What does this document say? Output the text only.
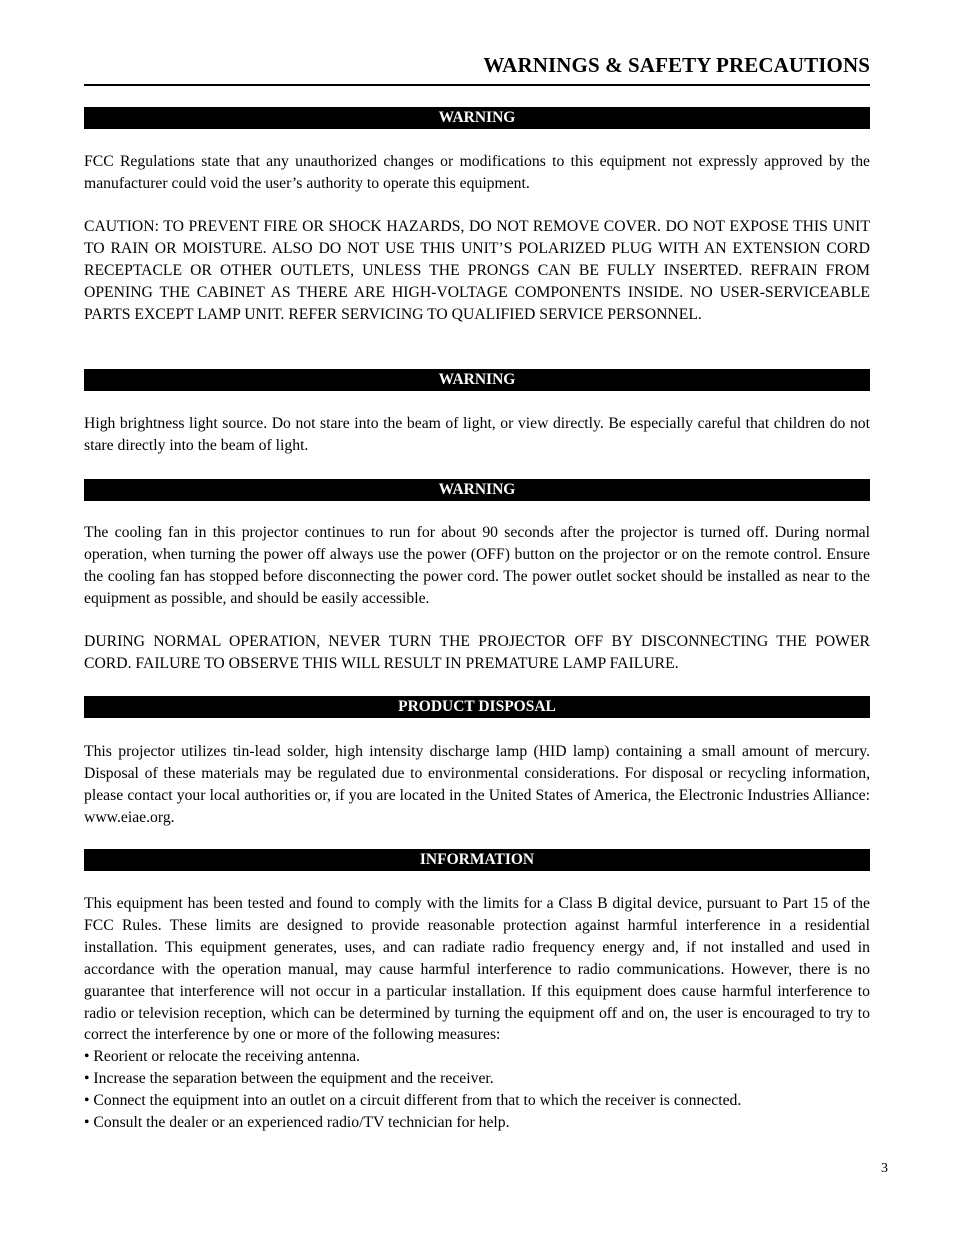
WARNINGS & SAFETY PRECAUTIONS
WARNING

FCC Regulations state that any unauthorized changes or modifications to this equipment not expressly approved by the manufacturer could void the user’s authority to operate this equipment.

CAUTION: TO PREVENT FIRE OR SHOCK HAZARDS, DO NOT REMOVE COVER. DO NOT EXPOSE THIS UNIT TO RAIN OR MOISTURE. ALSO DO NOT USE THIS UNIT’S POLARIZED PLUG WITH AN EXTENSION CORD RECEPTACLE OR OTHER OUTLETS, UNLESS THE PRONGS CAN BE FULLY INSERTED. REFRAIN FROM OPENING THE CABINET AS THERE ARE HIGH-VOLTAGE COMPONENTS INSIDE. NO USER-SERVICEABLE PARTS EXCEPT LAMP UNIT. REFER SERVICING TO QUALIFIED SERVICE PERSONNEL.

WARNING

High brightness light source. Do not stare into the beam of light, or view directly. Be especially careful that children do not stare directly into the beam of light.

WARNING

The cooling fan in this projector continues to run for about 90 seconds after the projector is turned off. During normal operation, when turning the power off always use the power (OFF) button on the projector or on the remote control. Ensure the cooling fan has stopped before disconnecting the power cord. The power outlet socket should be installed as near to the equipment as possible, and should be easily accessible.

DURING NORMAL OPERATION, NEVER TURN THE PROJECTOR OFF BY DISCONNECTING THE POWER CORD. FAILURE TO OBSERVE THIS WILL RESULT IN PREMATURE LAMP FAILURE.

PRODUCT DISPOSAL

This projector utilizes tin-lead solder, high intensity discharge lamp (HID lamp) containing a small amount of mercury. Disposal of these materials may be regulated due to environmental considerations. For disposal or recycling information, please contact your local authorities or, if you are located in the United States of America, the Electronic Industries Alliance: www.eiae.org.

INFORMATION

This equipment has been tested and found to comply with the limits for a Class B digital device, pursuant to Part 15 of the FCC Rules. These limits are designed to provide reasonable protection against harmful interference in a residential installation. This equipment generates, uses, and can radiate radio frequency energy and, if not installed and used in accordance with the operation manual, may cause harmful interference to radio communications. However, there is no guarantee that interference will not occur in a particular installation. If this equipment does cause harmful interference to radio or television reception, which can be determined by turning the equipment off and on, the user is encouraged to try to correct the interference by one or more of the following measures:

• Reorient or relocate the receiving antenna.
• Increase the separation between the equipment and the receiver.
• Connect the equipment into an outlet on a circuit different from that to which the receiver is connected.
• Consult the dealer or an experienced radio/TV technician for help.
3
